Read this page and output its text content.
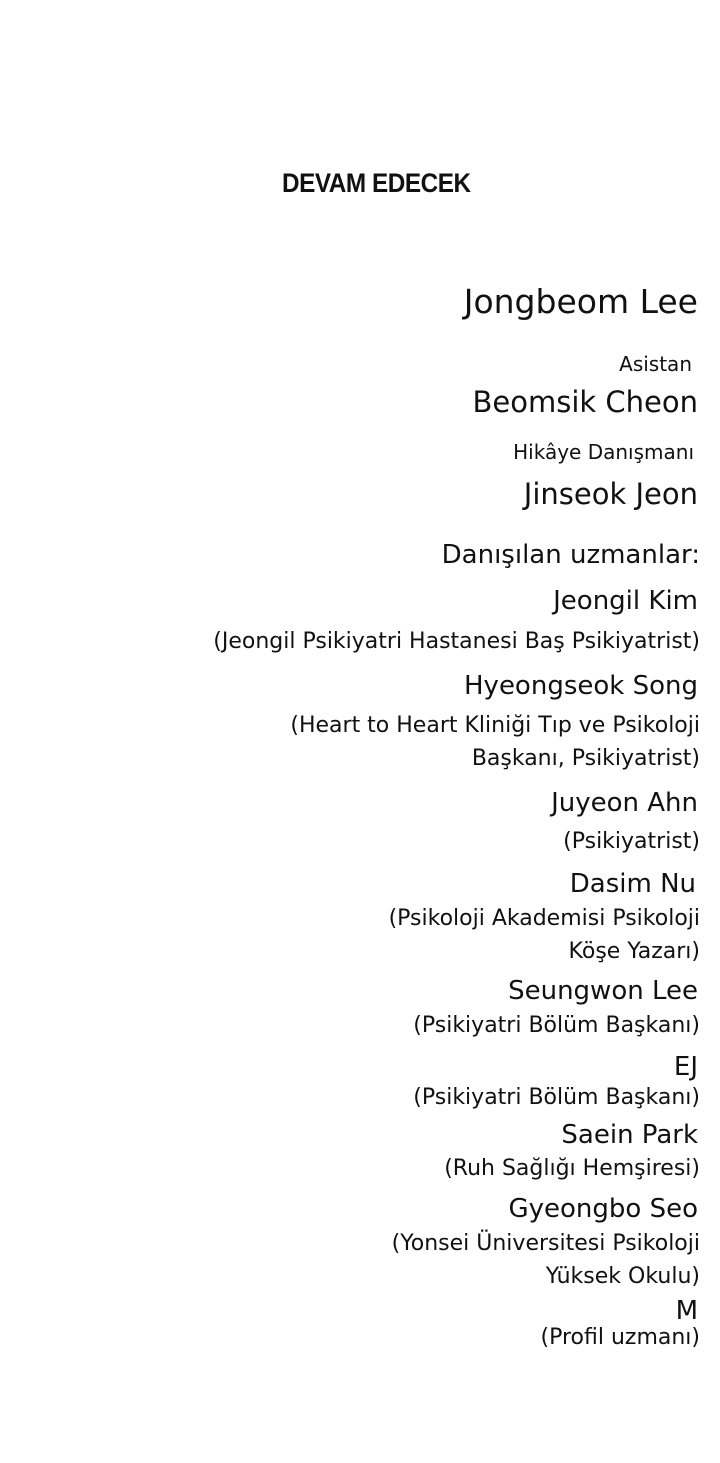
DEVAM EDECEK
Jongbeom Lee
Asistan
Beomsik Cheon
Hikâye Danışmanı
Jinseok Jeon
Danışılan uzmanlar:
Jeongil Kim
(Jeongil Psikiyatri Hastanesi Baş Psikiyatrist)
Hyeongseok Song
(Heart to Heart Kliniği Tıp ve Psikoloji
Başkanı, Psikiyatrist)
Juyeon Ahn
(Psikiyatrist)
Dasim Nu
(Psikoloji Akademisi Psikoloji
Köşe Yazarı)
Seungwon Lee
(Psikiyatri Bölüm Başkanı)
EJ
(Psikiyatri Bölüm Başkanı)
Saein Park
(Ruh Sağlığı Hemşiresi)
Gyeongbo Seo
(Yonsei Üniversitesi Psikoloji
Yüksek Okulu)
M
(Profil uzmanı)
